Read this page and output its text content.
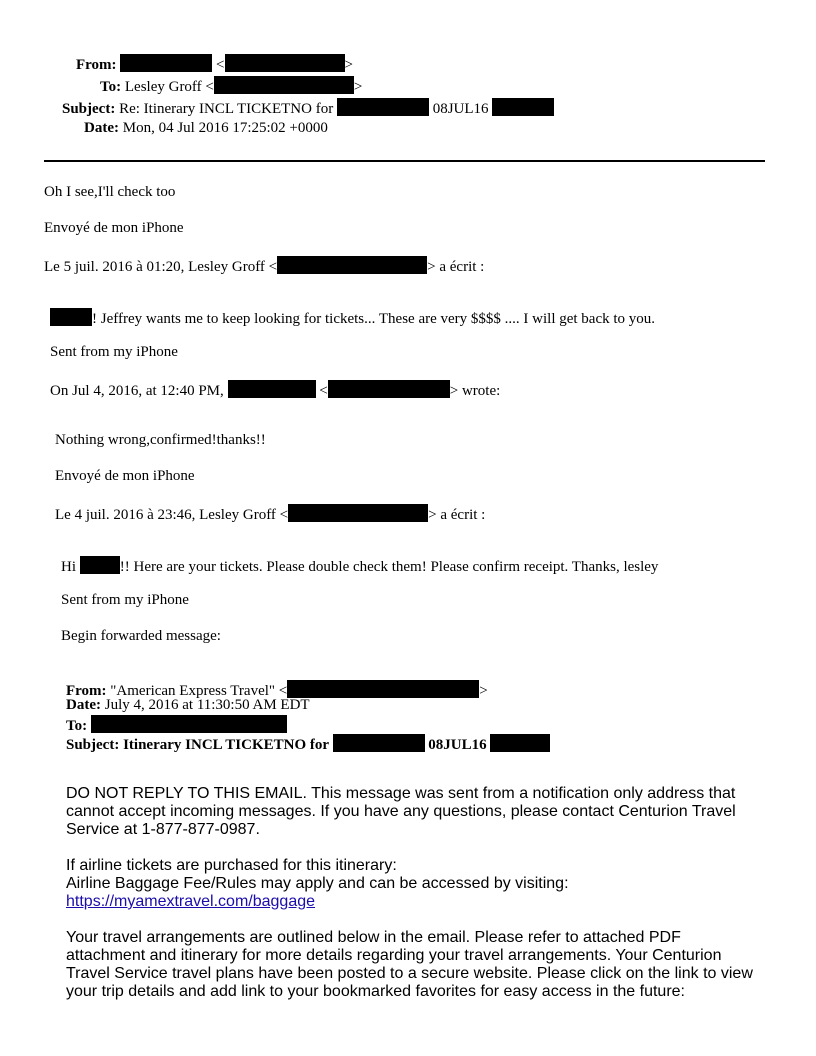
From:	<	>
To: Lesley Groff <	>
Subject: Re: Itinerary INCL TICKETNO for	08JUL16
Date: Mon, 04 Jul 2016 17:25:02 +0000
Oh I see,I'll check too
Envoyé de mon iPhone
Le 5 juil. 2016 à 01:20, Lesley Groff <	> a écrit :
! Jeffrey wants me to keep looking for tickets... These are very $$$$ .... I will get back to you.
Sent from my iPhone
On Jul 4, 2016, at 12:40 PM,	<	> wrote:
Nothing wrong,confirmed!thanks!!
Envoyé de mon iPhone
Le 4 juil. 2016 à 23:46, Lesley Groff <	> a écrit :
Hi	!! Here are your tickets. Please double check them! Please confirm receipt. Thanks, lesley
Sent from my iPhone
Begin forwarded message:
From: "American Express Travel" <	>
Date: July 4, 2016 at 11:30:50 AM EDT
To:
Subject: Itinerary INCL TICKETNO for	08JUL16
DO NOT REPLY TO THIS EMAIL. This message was sent from a notification only address that cannot accept incoming messages. If you have any questions, please contact Centurion Travel Service at 1-877-877-0987.
If airline tickets are purchased for this itinerary:
Airline Baggage Fee/Rules may apply and can be accessed by visiting:
https://myamextravel.com/baggage
Your travel arrangements are outlined below in the email. Please refer to attached PDF attachment and itinerary for more details regarding your travel arrangements. Your Centurion Travel Service travel plans have been posted to a secure website. Please click on the link to view your trip details and add link to your bookmarked favorites for easy access in the future:
